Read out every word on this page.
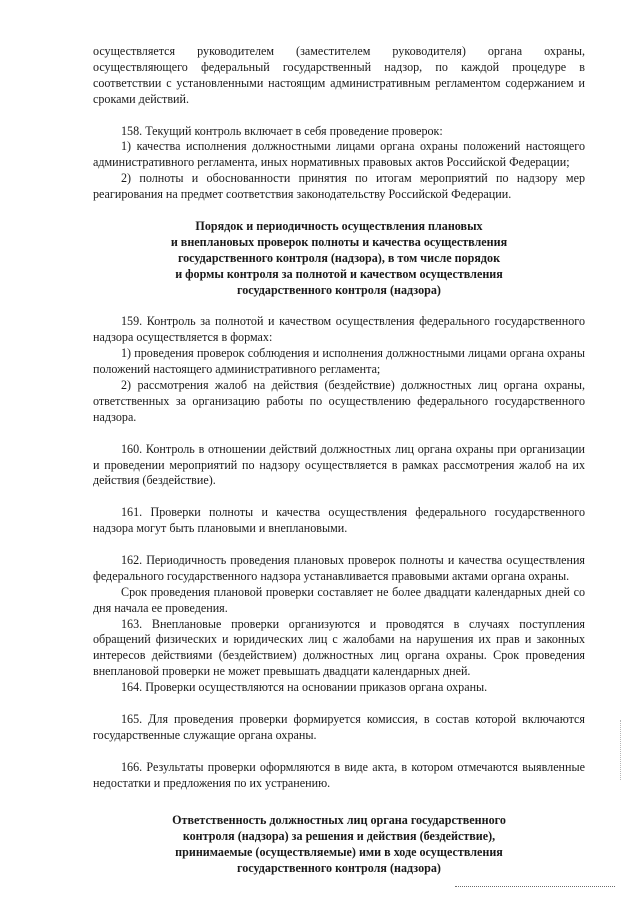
осуществляется руководителем (заместителем руководителя) органа охраны, осуществляющего федеральный государственный надзор, по каждой процедуре в соответствии с установленными настоящим административным регламентом содержанием и сроками действий.

158. Текущий контроль включает в себя проведение проверок:

1) качества исполнения должностными лицами органа охраны положений настоящего административного регламента, иных нормативных правовых актов Российской Федерации;

2) полноты и обоснованности принятия по итогам мероприятий по надзору мер реагирования на предмет соответствия законодательству Российской Федерации.

Порядок и периодичность осуществления плановых
и внеплановых проверок полноты и качества осуществления
государственного контроля (надзора), в том числе порядок
и формы контроля за полнотой и качеством осуществления
государственного контроля (надзора)

159. Контроль за полнотой и качеством осуществления федерального государственного надзора осуществляется в формах:

1) проведения проверок соблюдения и исполнения должностными лицами органа охраны положений настоящего административного регламента;

2) рассмотрения жалоб на действия (бездействие) должностных лиц органа охраны, ответственных за организацию работы по осуществлению федерального государственного надзора.

160. Контроль в отношении действий должностных лиц органа охраны при организации и проведении мероприятий по надзору осуществляется в рамках рассмотрения жалоб на их действия (бездействие).

161. Проверки полноты и качества осуществления федерального государственного надзора могут быть плановыми и внеплановыми.

162. Периодичность проведения плановых проверок полноты и качества осуществления федерального государственного надзора устанавливается правовыми актами органа охраны.

Срок проведения плановой проверки составляет не более двадцати календарных дней со дня начала ее проведения.

163. Внеплановые проверки организуются и проводятся в случаях поступления обращений физических и юридических лиц с жалобами на нарушения их прав и законных интересов действиями (бездействием) должностных лиц органа охраны. Срок проведения внеплановой проверки не может превышать двадцати календарных дней.

164. Проверки осуществляются на основании приказов органа охраны.

165. Для проведения проверки формируется комиссия, в состав которой включаются государственные служащие органа охраны.

166. Результаты проверки оформляются в виде акта, в котором отмечаются выявленные недостатки и предложения по их устранению.

Ответственность должностных лиц органа государственного
контроля (надзора) за решения и действия (бездействие),
принимаемые (осуществляемые) ими в ходе осуществления
государственного контроля (надзора)
